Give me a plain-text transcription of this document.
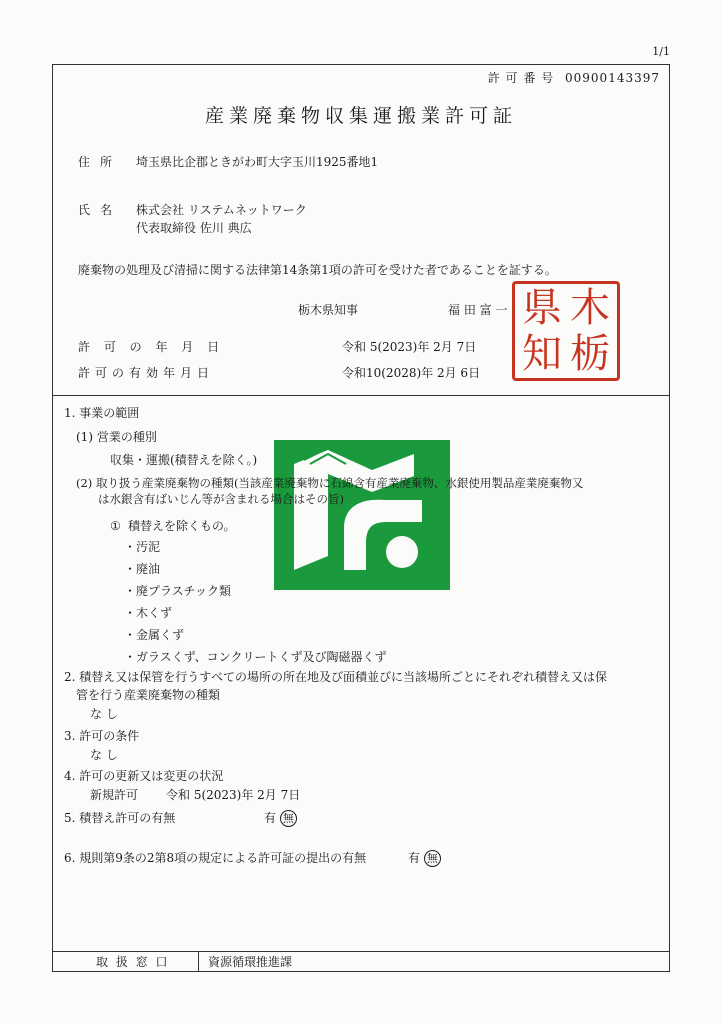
1/1
許 可 番 号 00900143397
産業廃棄物収集運搬業許可証
住所 埼玉県比企郡ときがわ町大字玉川1925番地1
氏名 株式会社 リステムネットワーク
代表取締役 佐川 典広
廃棄物の処理及び清掃に関する法律第14条第1項の許可を受けた者であることを証する。
栃木県知事	福 田 富 一 県 木
知 栃
許 可 の 年 月 日	令和 5(2023)年 2月 7日
許可の有効年月日	令和10(2028)年 2月 6日
1. 事業の範囲
(1) 営業の種別
収集・運搬(積替えを除く。)
(2) 取り扱う産業廃棄物の種類(当該産業廃棄物に石綿含有産業廃棄物、水銀使用製品産業廃棄物又
は水銀含有ばいじん等が含まれる場合はその旨)
① 積替えを除くもの。
・汚泥
・廃油
・廃プラスチック類
・木くず
・金属くず
・ガラスくず、コンクリートくず及び陶磁器くず
2. 積替え又は保管を行うすべての場所の所在地及び面積並びに当該場所ごとにそれぞれ積替え又は保
管を行う産業廃棄物の種類
な し
3. 許可の条件
な し
4. 許可の更新又は変更の状況
新規許可 令和 5(2023)年 2月 7日
5. 積替え許可の有無	有 無
6. 規則第9条の2第8項の規定による許可証の提出の有無	有 無
取 扱 窓 口	資源循環推進課
